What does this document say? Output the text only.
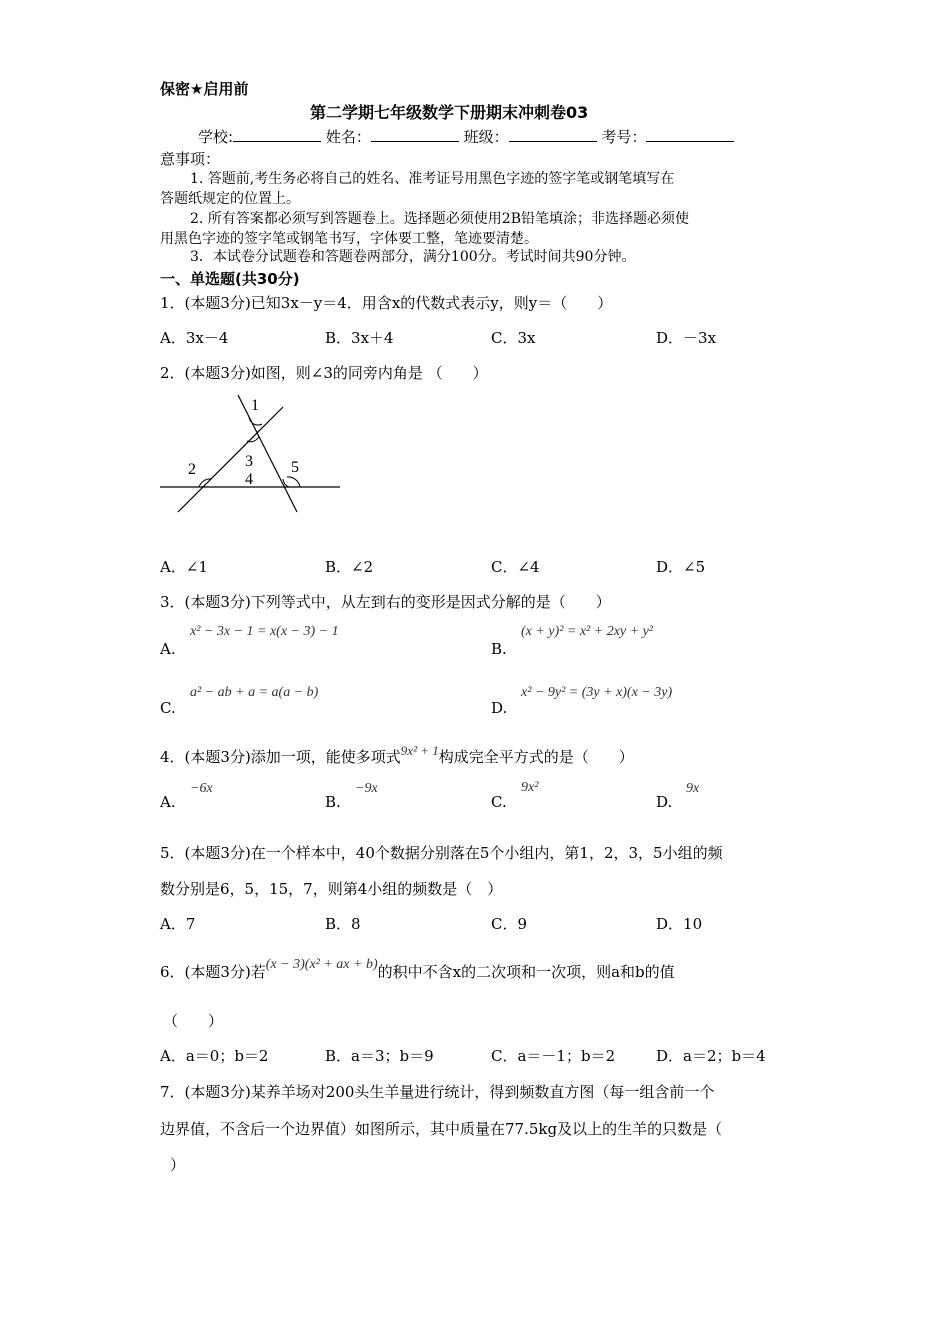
保密★启用前
第二学期七年级数学下册期末冲刺卷03
学校:	姓名：	班级：	考号：
意事项：
1. 答题前,考生务必将自己的姓名、准考证号用黑色字迹的签字笔或钢笔填写在
答题纸规定的位置上。
2. 所有答案都必须写到答题卷上。选择题必须使用2B铅笔填涂；非选择题必须使
用黑色字迹的签字笔或钢笔书写，字体要工整，笔迹要清楚。
3．本试卷分试题卷和答题卷两部分，满分100分。考试时间共90分钟。
一、单选题(共30分)
1．(本题3分)已知3x－y＝4．用含x的代数式表示y，则y＝（　　）
A．3x－4	B．3x＋4	C．3x	D．－3x
2．(本题3分)如图，则∠3的同旁内角是 （　　）
1
2	3
4
5
A．∠1	B．∠2	C．∠4	D．∠5
3．(本题3分)下列等式中，从左到右的变形是因式分解的是（　　）
x² − 3x − 1 = x(x − 3) − 1
A.
(x + y)² = x² + 2xy + y²
B.
a² − ab + a = a(a − b)
C.
x² − 9y² = (3y + x)(x − 3y)
D.
4．(本题3分)添加一项，能使多项式9x² + 1构成完全平方式的是（　　）
−6x
A.
−9x
B.
9x²
C.
9x
D.
5．(本题3分)在一个样本中，40个数据分别落在5个小组内，第1，2，3，5小组的频
数分别是6，5，15，7，则第4小组的频数是（　）
A．7	B．8	C．9	D．10
6．(本题3分)若(x − 3)(x² + ax + b)的积中不含x的二次项和一次项，则a和b的值
（　　）
A．a＝0；b＝2	B．a＝3；b＝9	C．a＝－1；b＝2	D．a＝2；b＝4
7．(本题3分)某养羊场对200头生羊量进行统计，得到频数直方图（每一组含前一个
边界值，不含后一个边界值）如图所示，其中质量在77.5kg及以上的生羊的只数是（
）
